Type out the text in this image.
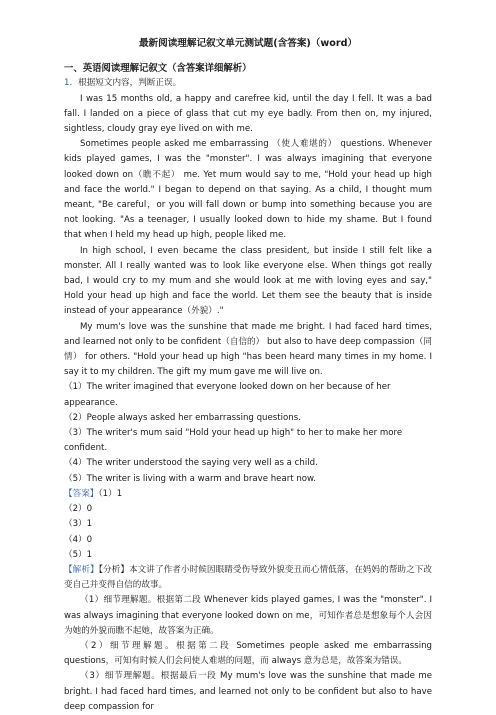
最新阅读理解记叙文单元测试题(含答案)（word）
一、英语阅读理解记叙文（含答案详细解析）
1．根据短文内容，判断正误。

I was 15 months old, a happy and carefree kid, until the day I fell. It was a bad fall. I landed on a piece of glass that cut my eye badly. From then on, my injured, sightless, cloudy gray eye lived on with me.

Sometimes people asked me embarrassing （使人难堪的） questions. Whenever kids played games, I was the "monster". I was always imagining that everyone looked down on（瞧不起） me. Yet mum would say to me, "Hold your head up high and face the world." I began to depend on that saying. As a child, I thought mum meant, "Be careful，or you will fall down or bump into something because you are not looking. "As a teenager, I usually looked down to hide my shame. But I found that when I held my head up high, people liked me.

In high school, I even became the class president, but inside I still felt like a monster. All I really wanted was to look like everyone else. When things got really bad, I would cry to my mum and she would look at me with loving eyes and say," Hold your head up high and face the world. Let them see the beauty that is inside instead of your appearance（外貌）."

My mum's love was the sunshine that made me bright. I had faced hard times, and learned not only to be confident（自信的） but also to have deep compassion（同情） for others. "Hold your head up high "has been heard many times in my home. I say it to my children. The gift my mum gave me will live on.

（1）The writer imagined that everyone looked down on her because of her appearance.
（2）People always asked her embarrassing questions.
（3）The writer's mum said "Hold your head up high" to her to make her more confident.
（4）The writer understood the saying very well as a child.
（5）The writer is living with a warm and brave heart now.
【答案】（1）1
（2）0
（3）1
（4）0
（5）1

【解析】【分析】本文讲了作者小时候因眼睛受伤导致外貌变丑而心情低落，在妈妈的帮助之下改变自己并变得自信的故事。

（1）细节理解题。根据第二段 Whenever kids played games, I was the "monster". I was always imagining that everyone looked down on me，可知作者总是想象每个人会因为她的外貌而瞧不起她，故答案为正确。

（2）细节理解题。根据第二段 Sometimes people asked me embarrassing questions，可知有时候人们会问使人难堪的问题，而 always 意为总是，故答案为错误。

（3）细节理解题。根据最后一段 My mum's love was the sunshine that made me bright. I had faced hard times, and learned not only to be confident but also to have deep compassion for
